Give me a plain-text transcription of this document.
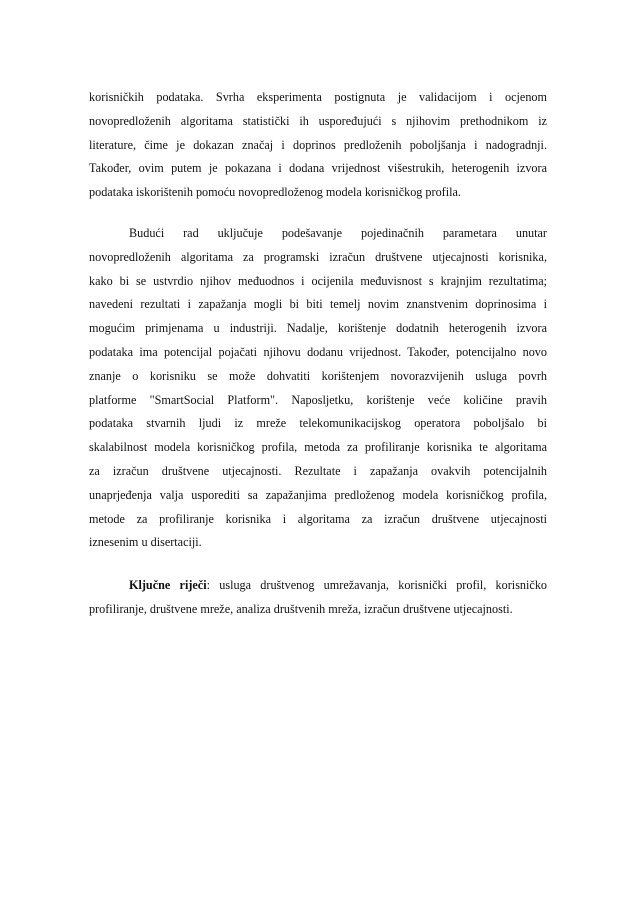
korisničkih podataka. Svrha eksperimenta postignuta je validacijom i ocjenom
novopredloženih algoritama statistički ih uspoređujući s njihovim prethodnikom iz
literature, čime je dokazan značaj i doprinos predloženih poboljšanja i nadogradnji.
Također, ovim putem je pokazana i dodana vrijednost višestrukih, heterogenih izvora
podataka iskorištenih pomoću novopredloženog modela korisničkog profila.
Budući rad uključuje podešavanje pojedinačnih parametara unutar
novopredloženih algoritama za programski izračun društvene utjecajnosti korisnika,
kako bi se ustvrdio njihov međuodnos i ocijenila međuvisnost s krajnjim rezultatima;
navedeni rezultati i zapažanja mogli bi biti temelj novim znanstvenim doprinosima i
mogućim primjenama u industriji. Nadalje, korištenje dodatnih heterogenih izvora
podataka ima potencijal pojačati njihovu dodanu vrijednost. Također, potencijalno novo
znanje o korisniku se može dohvatiti korištenjem novorazvijenih usluga povrh
platforme "SmartSocial Platform". Naposljetku, korištenje veće količine pravih
podataka stvarnih ljudi iz mreže telekomunikacijskog operatora poboljšalo bi
skalabilnost modela korisničkog profila, metoda za profiliranje korisnika te algoritama
za izračun društvene utjecajnosti. Rezultate i zapažanja ovakvih potencijalnih
unaprjeđenja valja usporediti sa zapažanjima predloženog modela korisničkog profila,
metode za profiliranje korisnika i algoritama za izračun društvene utjecajnosti
iznesenim u disertaciji.
Ključne riječi: usluga društvenog umrežavanja, korisnički profil, korisničko
profiliranje, društvene mreže, analiza društvenih mreža, izračun društvene utjecajnosti.
